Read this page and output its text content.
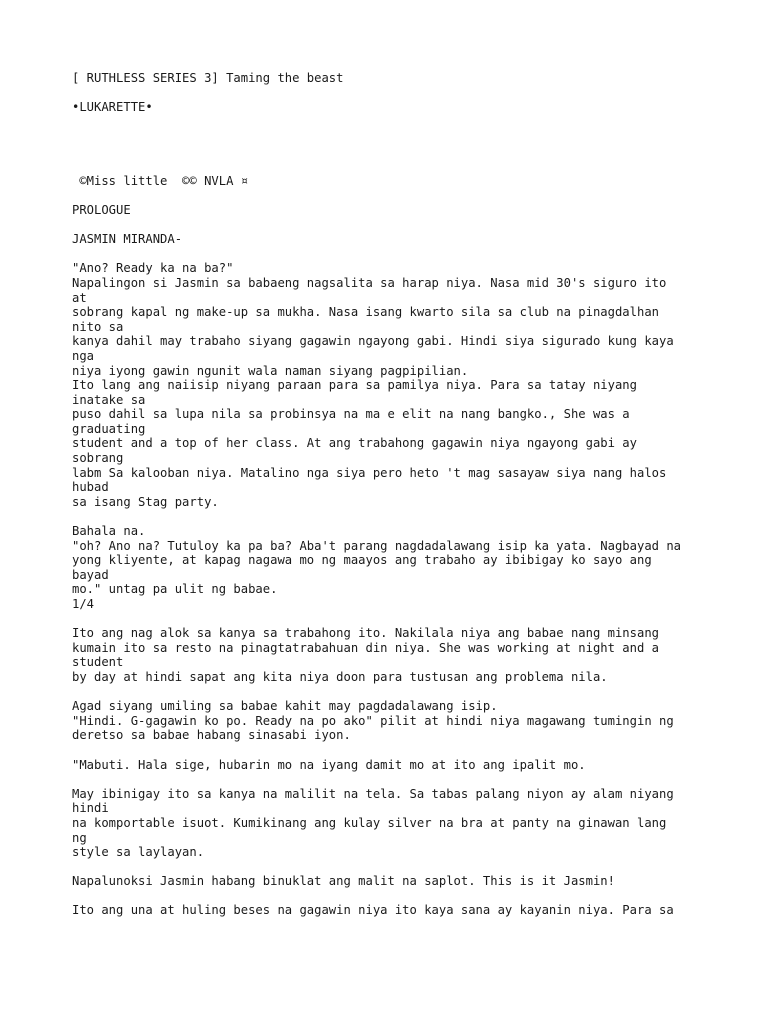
[ RUTHLESS SERIES 3] Taming the beast
•LUKARETTE•
©Miss little  ©© NVLA ¤
PROLOGUE
JASMIN MIRANDA-
"Ano? Ready ka na ba?"
Napalingon si Jasmin sa babaeng nagsalita sa harap niya. Nasa mid 30's siguro ito
at
sobrang kapal ng make-up sa mukha. Nasa isang kwarto sila sa club na pinagdalhan
nito sa
kanya dahil may trabaho siyang gagawin ngayong gabi. Hindi siya sigurado kung kaya
nga
niya iyong gawin ngunit wala naman siyang pagpipilian.
Ito lang ang naiisip niyang paraan para sa pamilya niya. Para sa tatay niyang
inatake sa
puso dahil sa lupa nila sa probinsya na ma e elit na nang bangko., She was a
graduating
student and a top of her class. At ang trabahong gagawin niya ngayong gabi ay
sobrang
labm Sa kalooban niya. Matalino nga siya pero heto 't mag sasayaw siya nang halos
hubad
sa isang Stag party.
Bahala na.
"oh? Ano na? Tutuloy ka pa ba? Aba't parang nagdadalawang isip ka yata. Nagbayad na
yong kliyente, at kapag nagawa mo ng maayos ang trabaho ay ibibigay ko sayo ang
bayad
mo." untag pa ulit ng babae.
1/4
Ito ang nag alok sa kanya sa trabahong ito. Nakilala niya ang babae nang minsang
kumain ito sa resto na pinagtatrabahuan din niya. She was working at night and a
student
by day at hindi sapat ang kita niya doon para tustusan ang problema nila.
Agad siyang umiling sa babae kahit may pagdadalawang isip.
"Hindi. G-gagawin ko po. Ready na po ako" pilit at hindi niya magawang tumingin ng
deretso sa babae habang sinasabi iyon.
"Mabuti. Hala sige, hubarin mo na iyang damit mo at ito ang ipalit mo.
May ibinigay ito sa kanya na malilit na tela. Sa tabas palang niyon ay alam niyang
hindi
na komportable isuot. Kumikinang ang kulay silver na bra at panty na ginawan lang
ng
style sa laylayan.
Napalunoksi Jasmin habang binuklat ang malit na saplot. This is it Jasmin!
Ito ang una at huling beses na gagawin niya ito kaya sana ay kayanin niya. Para sa
